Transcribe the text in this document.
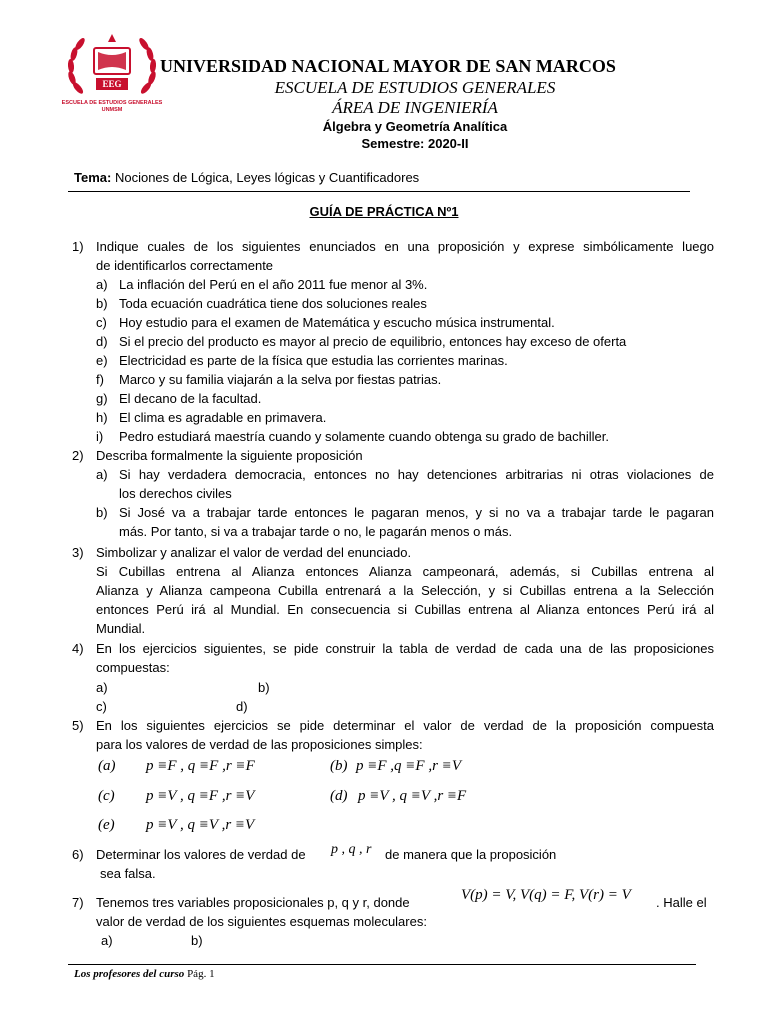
EEG
ESCUELA DE ESTUDIOS GENERALES
UNMSM
UNIVERSIDAD NACIONAL MAYOR DE SAN MARCOS
ESCUELA DE ESTUDIOS GENERALES
ÁREA DE INGENIERÍA
Álgebra y Geometría Analítica
Semestre: 2020-II
Tema: Nociones de Lógica, Leyes lógicas y Cuantificadores
GUÍA DE PRÁCTICA Nº1
1) Indique cuales de los siguientes enunciados en una proposición y exprese simbólicamente luego
de identificarlos correctamente
a) La inflación del Perú en el año 2011 fue menor al 3%.
b) Toda ecuación cuadrática tiene dos soluciones reales
c) Hoy estudio para el examen de Matemática y escucho música instrumental.
d) Si el precio del producto es mayor al precio de equilibrio, entonces hay exceso de oferta
e) Electricidad es parte de la física que estudia las corrientes marinas.
f) Marco y su familia viajarán a la selva por fiestas patrias.
g) El decano de la facultad.
h) El clima es agradable en primavera.
i) Pedro estudiará maestría cuando y solamente cuando obtenga su grado de bachiller.
2) Describa formalmente la siguiente proposición
a) Si hay verdadera democracia, entonces no hay detenciones arbitrarias ni otras violaciones de
los derechos civiles
b) Si José va a trabajar tarde entonces le pagaran menos, y si no va a trabajar tarde le pagaran
más. Por tanto, si va a trabajar tarde o no, le pagarán menos o más.
3) Simbolizar y analizar el valor de verdad del enunciado.
Si Cubillas entrena al Alianza entonces Alianza campeonará, además, si Cubillas entrena al
Alianza y Alianza campeona Cubilla entrenará a la Selección, y si Cubillas entrena a la Selección
entonces Perú irá al Mundial. En consecuencia si Cubillas entrena al Alianza entonces Perú irá al
Mundial.
4) En los ejercicios siguientes, se pide construir la tabla de verdad de cada una de las proposiciones
compuestas:
a)	b)
c)	d)
5) En los siguientes ejercicios se pide determinar el valor de verdad de la proposición compuesta
para los valores de verdad de las proposiciones simples:
(a) p ≡F , q ≡F ,r ≡F	(b) p ≡F ,q ≡F ,r ≡V
(c) p ≡V , q ≡F ,r ≡V	(d) p ≡V , q ≡V ,r ≡F
(e) p ≡V , q ≡V ,r ≡V
6) Determinar los valores de verdad de p , q , r de manera que la proposición
sea falsa.
7) Tenemos tres variables proposicionales p, q y r, donde	V(p) = V, V(q) = F, V(r) = V . Halle el
valor de verdad de los siguientes esquemas moleculares:
a)	b)
Los profesores del curso Pág. 1
